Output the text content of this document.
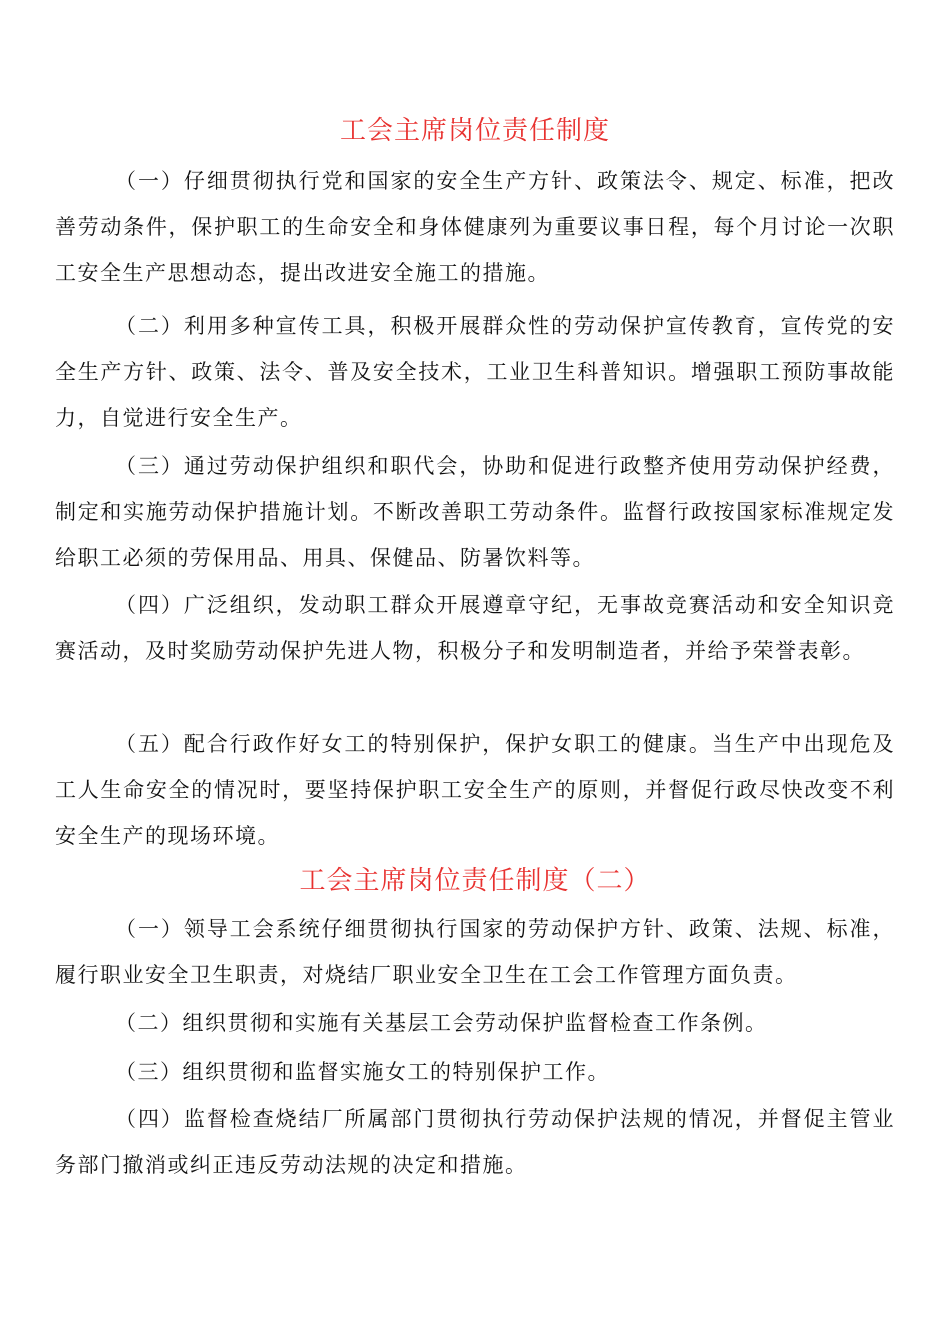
工会主席岗位责任制度

（一）仔细贯彻执行党和国家的安全生产方针、政策法令、规定、标准，把改善劳动条件，保护职工的生命安全和身体健康列为重要议事日程，每个月讨论一次职工安全生产思想动态，提出改进安全施工的措施。

（二）利用多种宣传工具，积极开展群众性的劳动保护宣传教育，宣传党的安全生产方针、政策、法令、普及安全技术，工业卫生科普知识。增强职工预防事故能力，自觉进行安全生产。

（三）通过劳动保护组织和职代会，协助和促进行政整齐使用劳动保护经费，制定和实施劳动保护措施计划。不断改善职工劳动条件。监督行政按国家标准规定发给职工必须的劳保用品、用具、保健品、防暑饮料等。

（四）广泛组织，发动职工群众开展遵章守纪，无事故竞赛活动和安全知识竞赛活动，及时奖励劳动保护先进人物，积极分子和发明制造者，并给予荣誉表彰。

（五）配合行政作好女工的特别保护，保护女职工的健康。当生产中出现危及工人生命安全的情况时，要坚持保护职工安全生产的原则，并督促行政尽快改变不利安全生产的现场环境。

工会主席岗位责任制度（二）

（一）领导工会系统仔细贯彻执行国家的劳动保护方针、政策、法规、标准，履行职业安全卫生职责，对烧结厂职业安全卫生在工会工作管理方面负责。

（二）组织贯彻和实施有关基层工会劳动保护监督检查工作条例。

（三）组织贯彻和监督实施女工的特别保护工作。

（四）监督检查烧结厂所属部门贯彻执行劳动保护法规的情况，并督促主管业务部门撤消或纠正违反劳动法规的决定和措施。
